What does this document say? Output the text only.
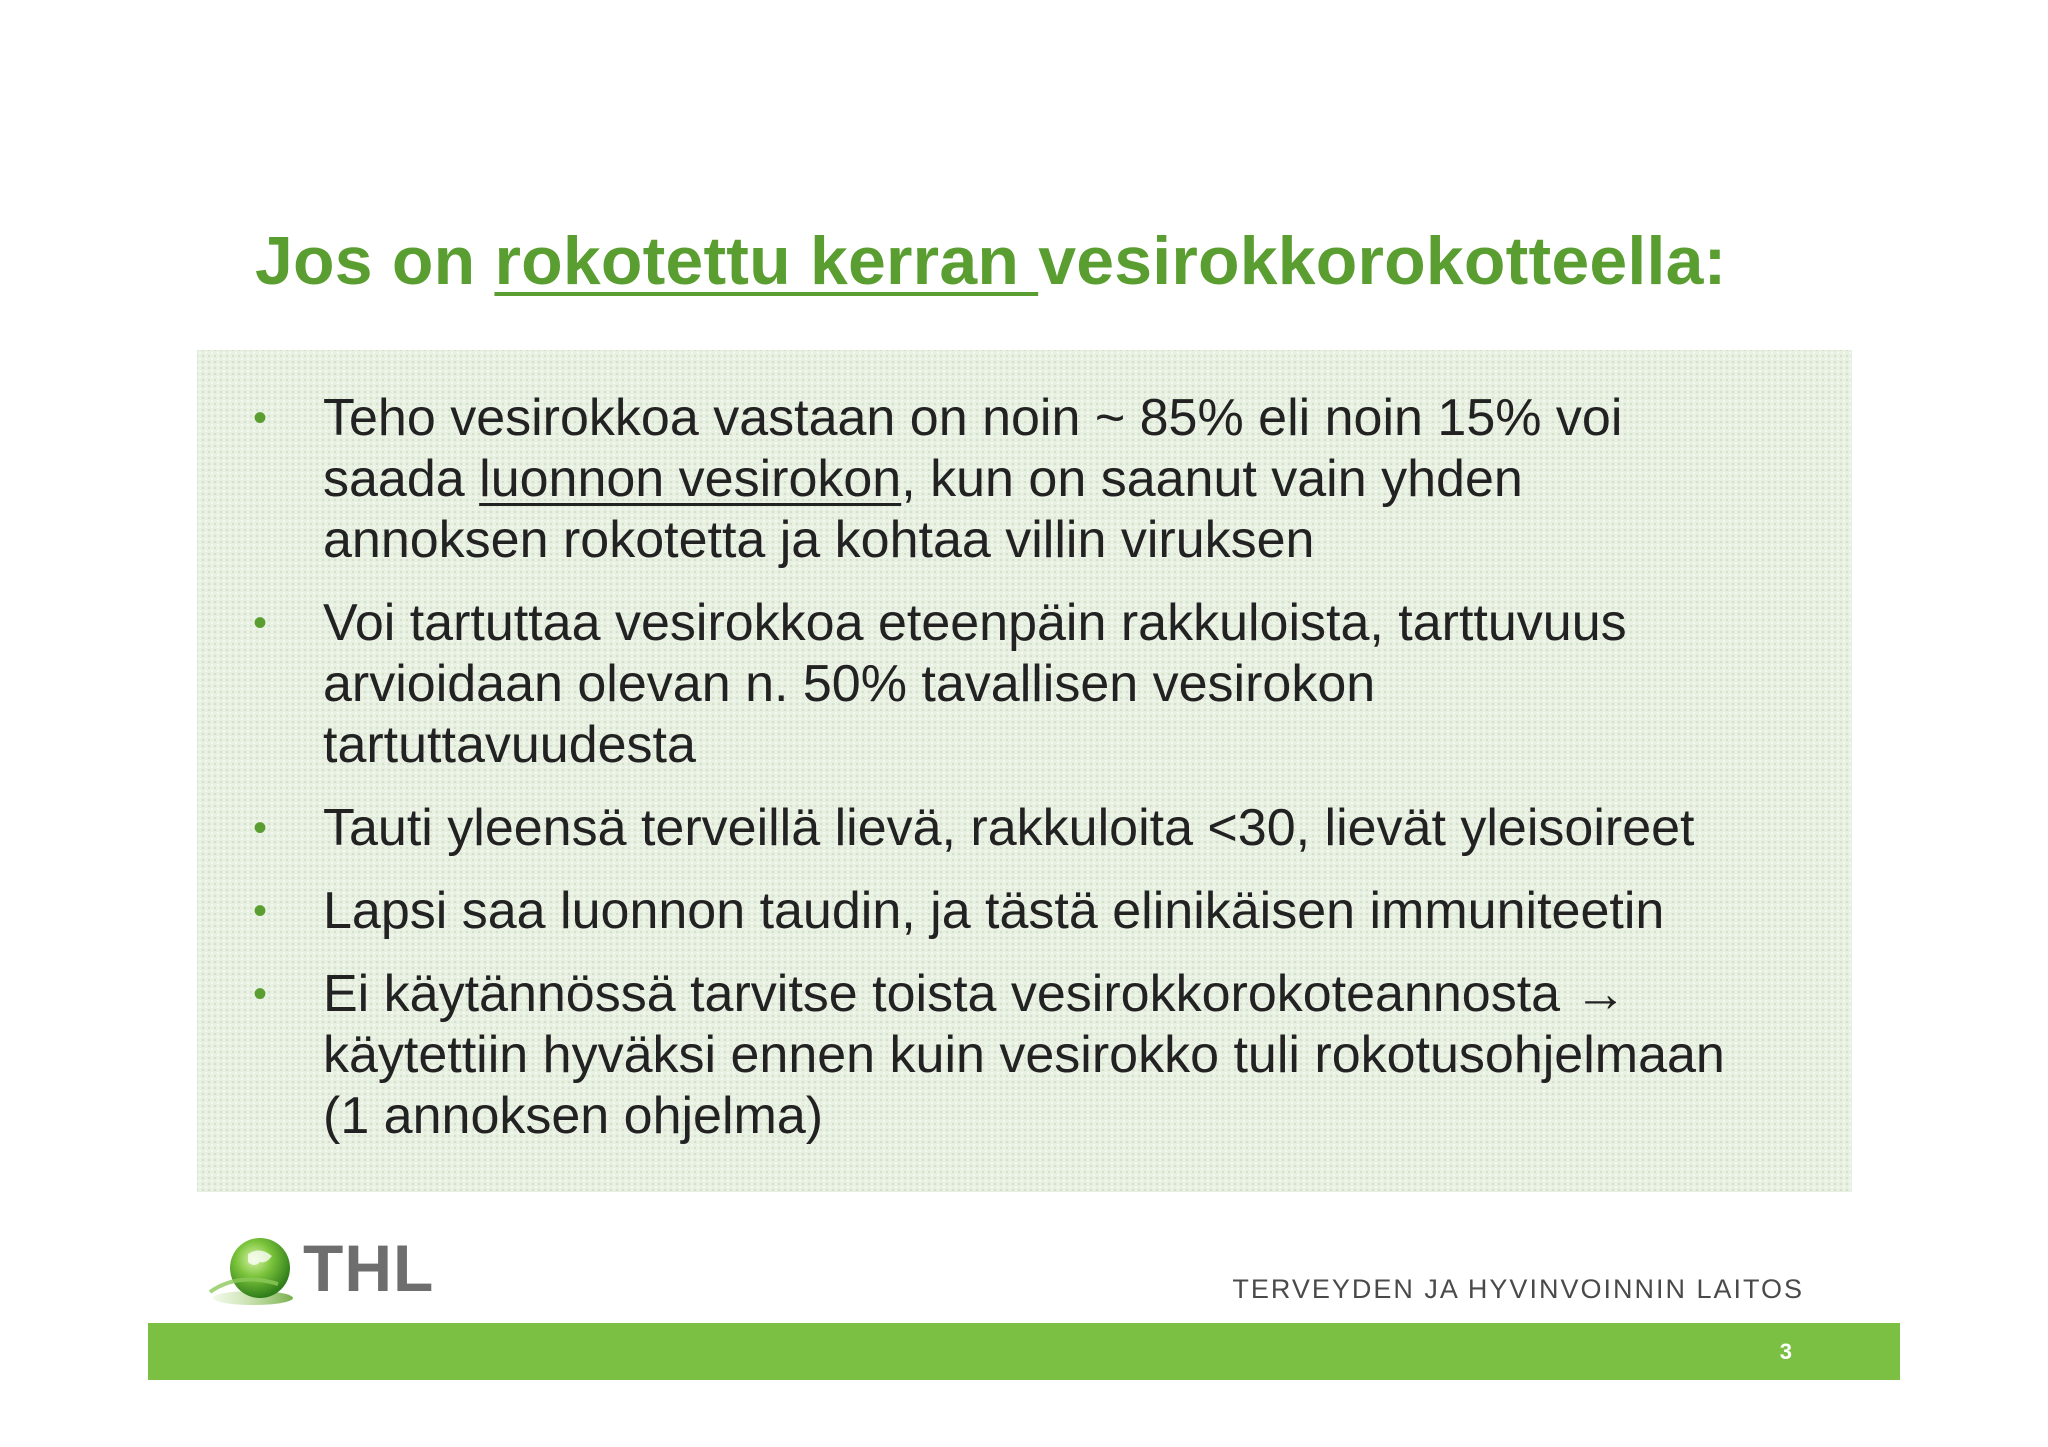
Jos on rokotettu kerran vesirokkorokotteella:
• Teho vesirokkoa vastaan on noin ~ 85% eli noin 15% voi
saada luonnon vesirokon, kun on saanut vain yhden
annoksen rokotetta ja kohtaa villin viruksen
• Voi tartuttaa vesirokkoa eteenpäin rakkuloista, tarttuvuus
arvioidaan olevan n. 50% tavallisen vesirokon
tartuttavuudesta
• Tauti yleensä terveillä lievä, rakkuloita <30, lievät yleisoireet
• Lapsi saa luonnon taudin, ja tästä elinikäisen immuniteetin
• Ei käytännössä tarvitse toista vesirokkorokoteannosta →
käytettiin hyväksi ennen kuin vesirokko tuli rokotusohjelmaan
(1 annoksen ohjelma)
THL	TERVEYDEN JA HYVINVOINNIN LAITOS
3
